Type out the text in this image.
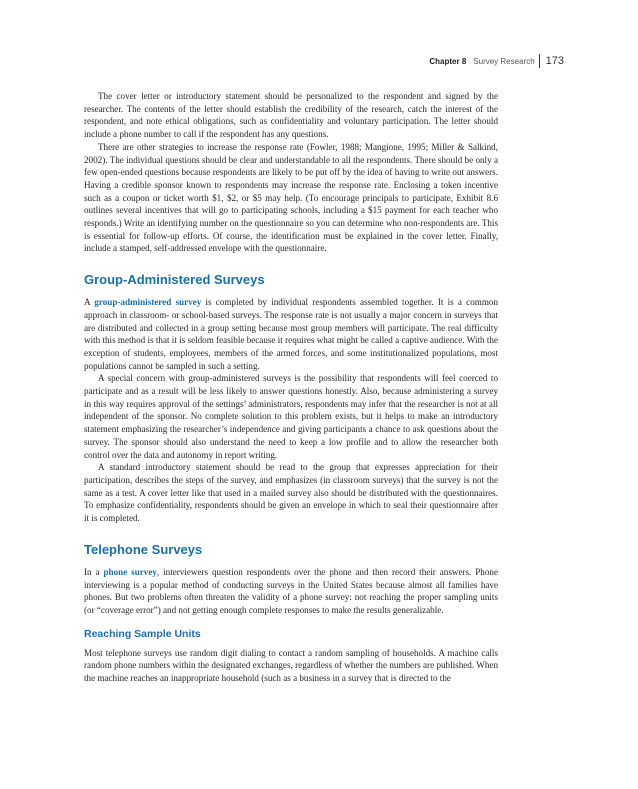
Chapter 8 Survey Research 173

The cover letter or introductory statement should be personalized to the respondent and signed by the researcher. The contents of the letter should establish the credibility of the research, catch the interest of the respondent, and note ethical obligations, such as confidentiality and voluntary participation. The letter should include a phone number to call if the respondent has any questions.

There are other strategies to increase the response rate (Fowler, 1988; Mangione, 1995; Miller & Salkind, 2002). The individual questions should be clear and understandable to all the respondents. There should be only a few open-ended questions because respondents are likely to be put off by the idea of having to write out answers. Having a credible sponsor known to respondents may increase the response rate. Enclosing a token incentive such as a coupon or ticket worth $1, $2, or $5 may help. (To encourage principals to participate, Exhibit 8.6 outlines several incentives that will go to participating schools, including a $15 payment for each teacher who responds.) Write an identifying number on the questionnaire so you can determine who non-respondents are. This is essential for follow-up efforts. Of course, the identification must be explained in the cover letter. Finally, include a stamped, self-addressed envelope with the questionnaire.

Group-Administered Surveys

A group-administered survey is completed by individual respondents assembled together. It is a common approach in classroom- or school-based surveys. The response rate is not usually a major concern in surveys that are distributed and collected in a group setting because most group members will participate. The real difficulty with this method is that it is seldom feasible because it requires what might be called a captive audience. With the exception of students, employees, members of the armed forces, and some institutionalized populations, most populations cannot be sampled in such a setting.

A special concern with group-administered surveys is the possibility that respondents will feel coerced to participate and as a result will be less likely to answer questions honestly. Also, because administering a survey in this way requires approval of the settings’ administrators, respondents may infer that the researcher is not at all independent of the sponsor. No complete solution to this problem exists, but it helps to make an introductory statement emphasizing the researcher’s independence and giving participants a chance to ask questions about the survey. The sponsor should also understand the need to keep a low profile and to allow the researcher both control over the data and autonomy in report writing.

A standard introductory statement should be read to the group that expresses appreciation for their participation, describes the steps of the survey, and emphasizes (in classroom surveys) that the survey is not the same as a test. A cover letter like that used in a mailed survey also should be distributed with the questionnaires. To emphasize confidentiality, respondents should be given an envelope in which to seal their questionnaire after it is completed.

Telephone Surveys

In a phone survey, interviewers question respondents over the phone and then record their answers. Phone interviewing is a popular method of conducting surveys in the United States because almost all families have phones. But two problems often threaten the validity of a phone survey: not reaching the proper sampling units (or “coverage error”) and not getting enough complete responses to make the results generalizable.

Reaching Sample Units

Most telephone surveys use random digit dialing to contact a random sampling of households. A machine calls random phone numbers within the designated exchanges, regardless of whether the numbers are published. When the machine reaches an inappropriate household (such as a business in a survey that is directed to the
